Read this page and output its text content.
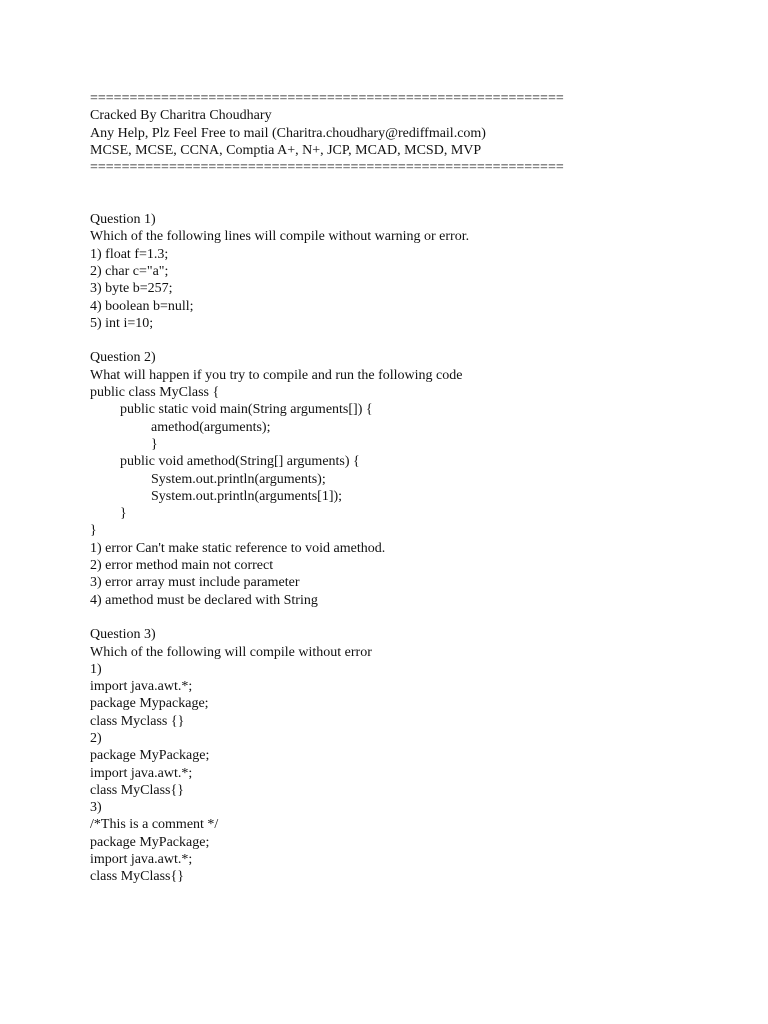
============================================================
Cracked By Charitra Choudhary
Any Help, Plz Feel Free to mail (Charitra.choudhary@rediffmail.com)
MCSE, MCSE, CCNA, Comptia A+, N+, JCP, MCAD, MCSD, MVP
============================================================
Question 1)
Which of the following lines will compile without warning or error.
1) float f=1.3;
2) char c="a";
3) byte b=257;
4) boolean b=null;
5) int i=10;
Question 2)
What will happen if you try to compile and run the following code
public class MyClass {
public static void main(String arguments[]) {
amethod(arguments);
}
public void amethod(String[] arguments) {
System.out.println(arguments);
System.out.println(arguments[1]);
}
}
1) error Can't make static reference to void amethod.
2) error method main not correct
3) error array must include parameter
4) amethod must be declared with String
Question 3)
Which of the following will compile without error
1)
import java.awt.*;
package Mypackage;
class Myclass {}
2)
package MyPackage;
import java.awt.*;
class MyClass{}
3)
/*This is a comment */
package MyPackage;
import java.awt.*;
class MyClass{}
